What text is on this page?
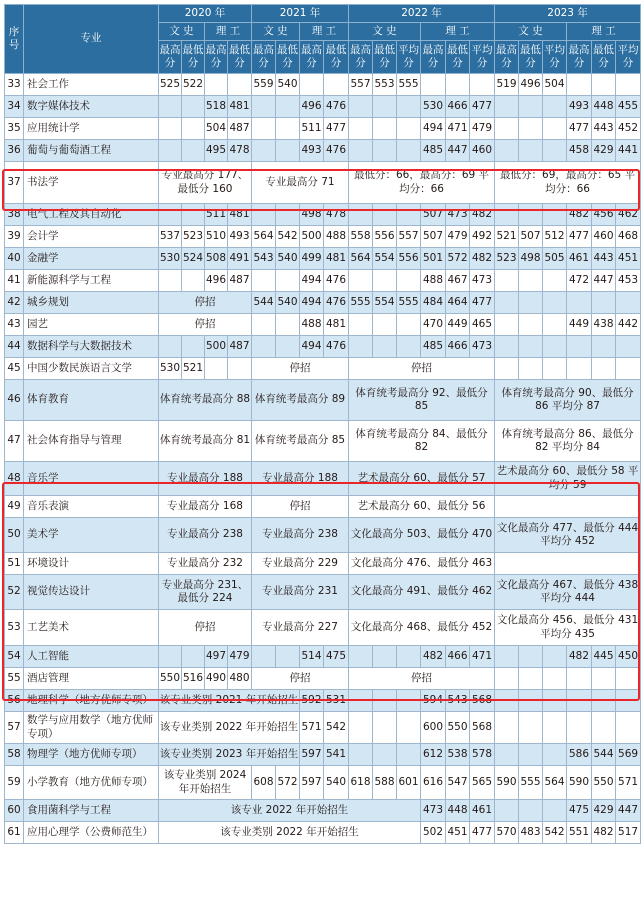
序号	专业	2020 年				2021 年				2022 年						2023 年					
		文 史		理 工		文 史		理 工		文 史			理 工			文 史			理 工		
		最高分	最低分	最高分	最低分	最高分	最低分	最高分	最低分	最高分	最低分	平均分	最高分	最低分	平均分	最高分	最低分	平均分	最高分	最低分	平均分
33	社会工作	525	522			559	540			557	553	555				519	496	504			
34	数字媒体技术			518	481			496	476				530	466	477				493	448	455
35	应用统计学			504	487			511	477				494	471	479				477	443	452
36	葡萄与葡萄酒工程			495	478			493	476				485	447	460				458	429	441
37	书法学	专业最高分 177、最低分 160				专业最高分 71				最低分：66，最高分：69 平均分：66						最低分：69，最高分：65 平均分：66					
38	电气工程及其自动化			511	481			498	478				507	473	482				482	456	462
39	会计学	537	523	510	493	564	542	500	488	558	556	557	507	479	492	521	507	512	477	460	468
40	金融学	530	524	508	491	543	540	499	481	564	554	556	501	572	482	523	498	505	461	443	451
41	新能源科学与工程			496	487			494	476				488	467	473				472	447	453
42	城乡规划	停招				544	540	494	476	555	554	555	484	464	477						
43	园艺	停招						488	481				470	449	465				449	438	442
44	数据科学与大数据技术			500	487			494	476				485	466	473						
45	中国少数民族语言文学	530	521			停招				停招											
46	体育教育	体育统考最高分 88				体育统考最高分 89				体育统考最高分 92、最低分 85						体育统考最高分 90、最低分 86 平均分 87					
47	社会体育指导与管理	体育统考最高分 81				体育统考最高分 85				体育统考最高分 84、最低分 82						体育统考最高分 86、最低分 82 平均分 84					
48	音乐学	专业最高分 188				专业最高分 188				艺术最高分 60、最低分 57						艺术最高分 60、最低分 58 平均分 59					
49	音乐表演	专业最高分 168				停招				艺术最高分 60、最低分 56											
50	美术学	专业最高分 238				专业最高分 238				文化最高分 503、最低分 470						文化最高分 477、最低分 444 平均分 452					
51	环境设计	专业最高分 232				专业最高分 229				文化最高分 476、最低分 463											
52	视觉传达设计	专业最高分 231、最低分 224				专业最高分 231				文化最高分 491、最低分 462						文化最高分 467、最低分 438 平均分 444					
53	工艺美术	停招				专业最高分 227				文化最高分 468、最低分 452						文化最高分 456、最低分 431 平均分 435					
54	人工智能			497	479			514	475				482	466	471				482	445	450
55	酒店管理	550	516	490	480	停招				停招											
56	地理科学（地方优师专项）	该专业类别 2021 年开始招生						592	531				594	543	568						
57	数学与应用数学（地方优师专项）	该专业类别 2022 年开始招生						571	542				600	550	568						
58	物理学（地方优师专项）	该专业类别 2023 年开始招生						597	541				612	538	578				586	544	569
59	小学教育（地方优师专项）	该专业类别 2024 年开始招生				608	572	597	540	618	588	601	616	547	565	590	555	564	590	550	571
60	食用菌科学与工程	该专业 2022 年开始招生											473	448	461				475	429	447
61	应用心理学（公费师范生）	该专业类别 2022 年开始招生											502	451	477	570	483	542	551	482	517
